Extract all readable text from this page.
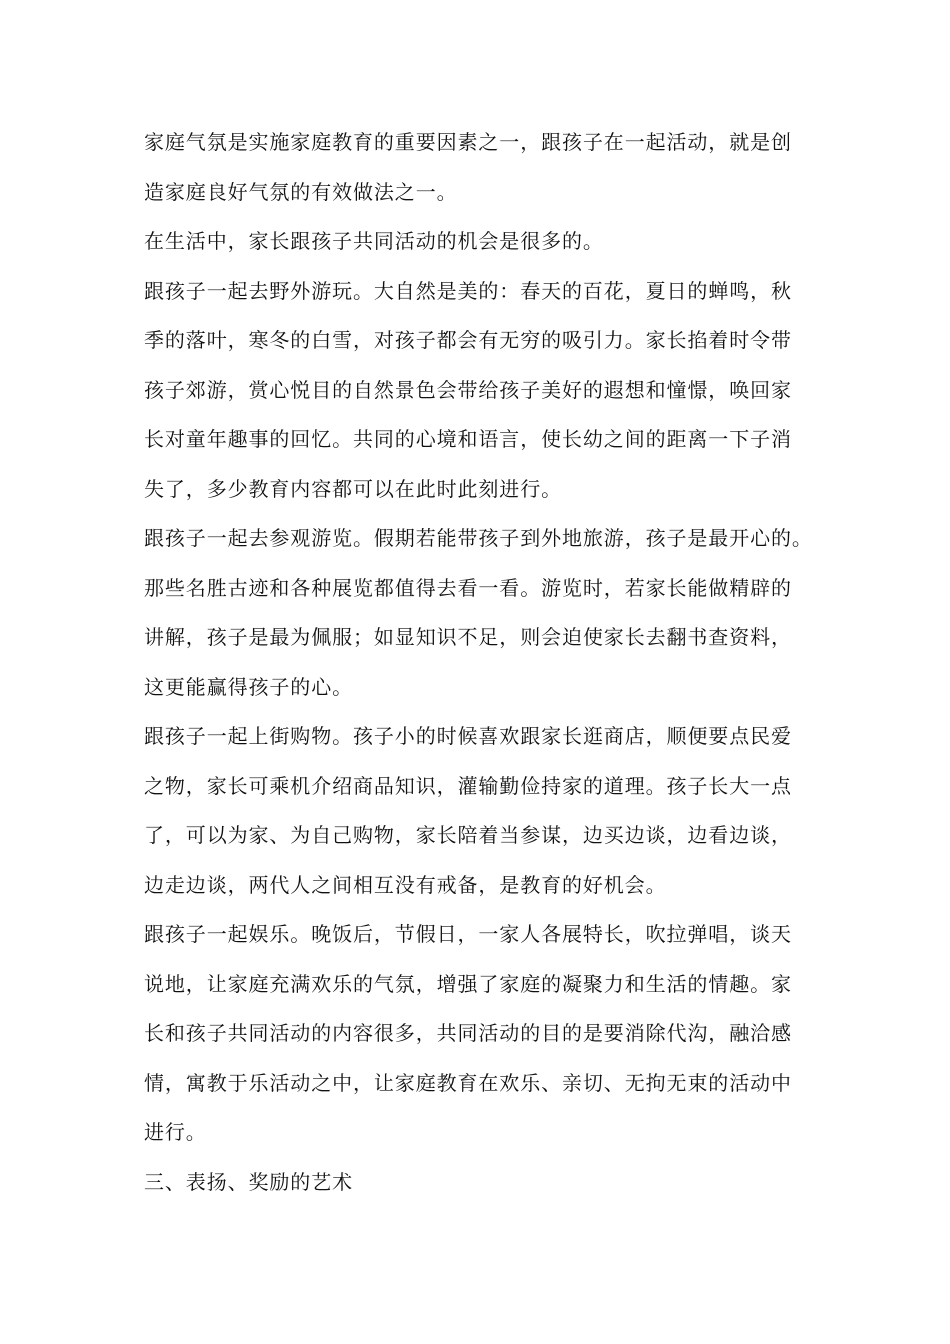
家庭气氛是实施家庭教育的重要因素之一，跟孩子在一起活动，就是创
造家庭良好气氛的有效做法之一。
在生活中，家长跟孩子共同活动的机会是很多的。
跟孩子一起去野外游玩。大自然是美的：春天的百花，夏日的蝉鸣，秋
季的落叶，寒冬的白雪，对孩子都会有无穷的吸引力。家长掐着时令带
孩子郊游，赏心悦目的自然景色会带给孩子美好的遐想和憧憬，唤回家
长对童年趣事的回忆。共同的心境和语言，使长幼之间的距离一下子消
失了，多少教育内容都可以在此时此刻进行。
跟孩子一起去参观游览。假期若能带孩子到外地旅游，孩子是最开心的。
那些名胜古迹和各种展览都值得去看一看。游览时，若家长能做精辟的
讲解，孩子是最为佩服；如显知识不足，则会迫使家长去翻书查资料，
这更能赢得孩子的心。
跟孩子一起上街购物。孩子小的时候喜欢跟家长逛商店，顺便要点民爱
之物，家长可乘机介绍商品知识，灌输勤俭持家的道理。孩子长大一点
了，可以为家、为自己购物，家长陪着当参谋，边买边谈，边看边谈，
边走边谈，两代人之间相互没有戒备，是教育的好机会。
跟孩子一起娱乐。晚饭后，节假日，一家人各展特长，吹拉弹唱，谈天
说地，让家庭充满欢乐的气氛，增强了家庭的凝聚力和生活的情趣。家
长和孩子共同活动的内容很多，共同活动的目的是要消除代沟，融洽感
情，寓教于乐活动之中，让家庭教育在欢乐、亲切、无拘无束的活动中
进行。
三、表扬、奖励的艺术
